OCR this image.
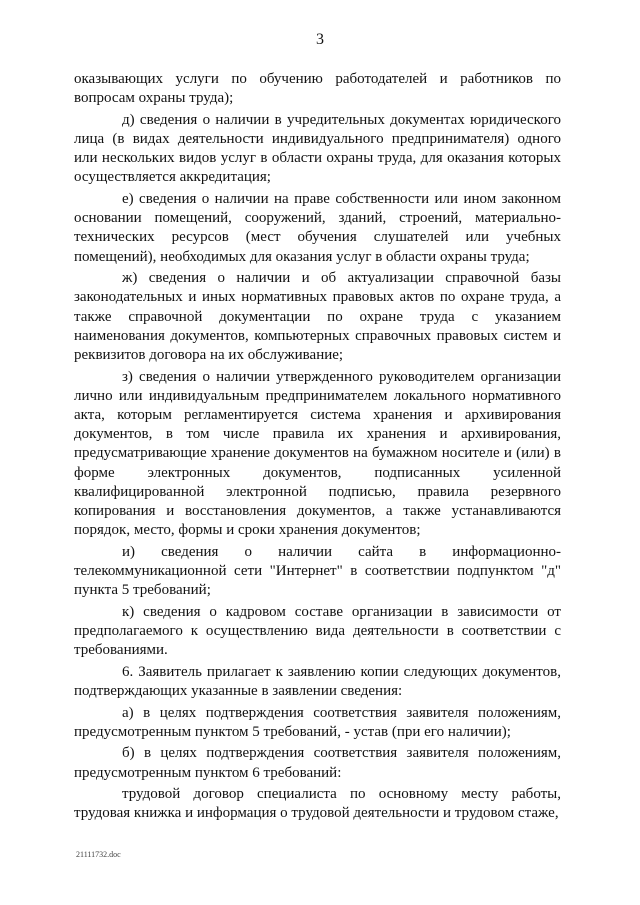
3

оказывающих услуги по обучению работодателей и работников по вопросам охраны труда);

д) сведения о наличии в учредительных документах юридического лица (в видах деятельности индивидуального предпринимателя) одного или нескольких видов услуг в области охраны труда, для оказания которых осуществляется аккредитация;

е) сведения о наличии на праве собственности или ином законном основании помещений, сооружений, зданий, строений, материально-технических ресурсов (мест обучения слушателей или учебных помещений), необходимых для оказания услуг в области охраны труда;

ж) сведения о наличии и об актуализации справочной базы законодательных и иных нормативных правовых актов по охране труда, а также справочной документации по охране труда с указанием наименования документов, компьютерных справочных правовых систем и реквизитов договора на их обслуживание;

з) сведения о наличии утвержденного руководителем организации лично или индивидуальным предпринимателем локального нормативного акта, которым регламентируется система хранения и архивирования документов, в том числе правила их хранения и архивирования, предусматривающие хранение документов на бумажном носителе и (или) в форме электронных документов, подписанных усиленной квалифицированной электронной подписью, правила резервного копирования и восстановления документов, а также устанавливаются порядок, место, формы и сроки хранения документов;

и) сведения о наличии сайта в информационно-телекоммуникационной сети "Интернет" в соответствии подпунктом "д" пункта 5 требований;

к) сведения о кадровом составе организации в зависимости от предполагаемого к осуществлению вида деятельности в соответствии с требованиями.

6. Заявитель прилагает к заявлению копии следующих документов, подтверждающих указанные в заявлении сведения:

а) в целях подтверждения соответствия заявителя положениям, предусмотренным пунктом 5 требований, - устав (при его наличии);

б) в целях подтверждения соответствия заявителя положениям, предусмотренным пунктом 6 требований:

трудовой договор специалиста по основному месту работы, трудовая книжка и информация о трудовой деятельности и трудовом стаже,

21111732.doc
